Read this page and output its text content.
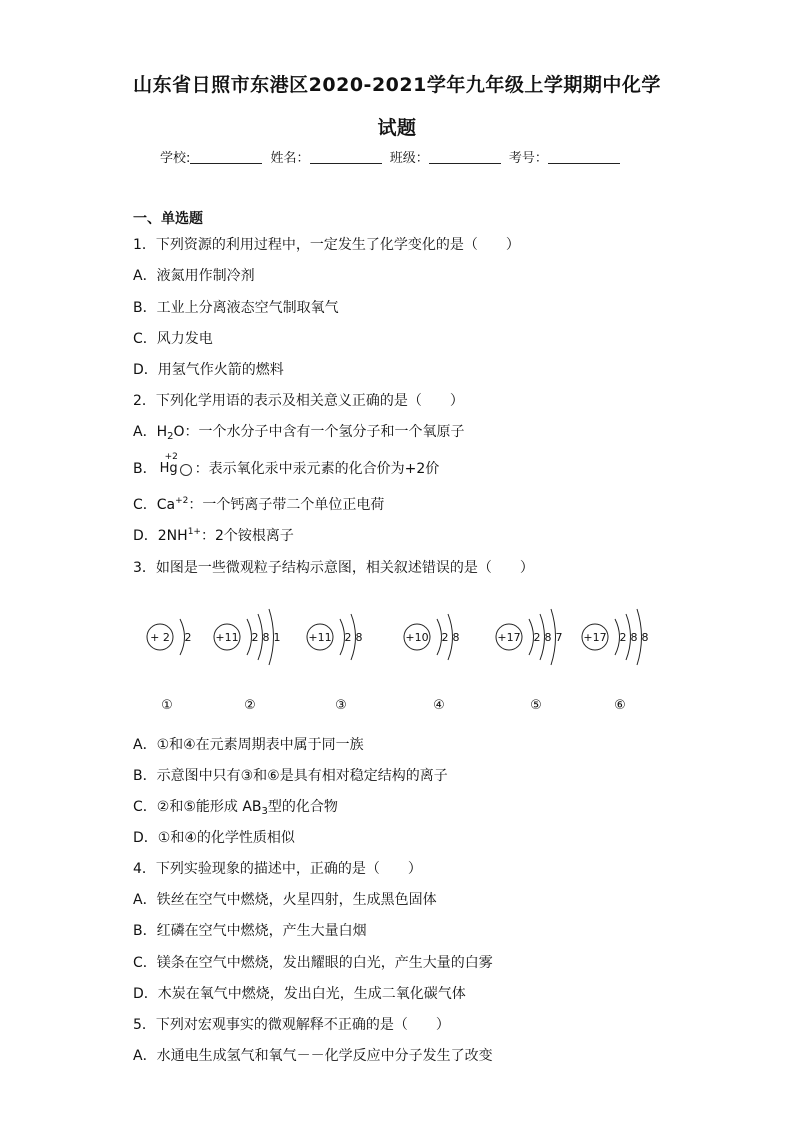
山东省日照市东港区2020-2021学年九年级上学期期中化学
试题
学校:	姓名：	班级：	考号：
一、单选题
1．下列资源的利用过程中，一定发生了化学变化的是（　　）
A．液氮用作制冷剂
B．工业上分离液态空气制取氧气
C．风力发电
D．用氢气作火箭的燃料
2．下列化学用语的表示及相关意义正确的是（　　）
A．$H_2O$：一个水分子中含有一个氢分子和一个氧原子
B．
+2
Hg ：表示氧化汞中汞元素的化合价为+2价
C．$Ca^{+2}$：一个钙离子带二个单位正电荷
D．$2NH^{1+}$：2个铵根离子
3．如图是一些微观粒子结构示意图，相关叙述错误的是（　　）
+ 2 2
①
+11 2 8 1
②
+11 2 8
③
+10 2 8
④
+17 2 8 7
⑤
+17 2 8 8
⑥
A．①和④在元素周期表中属于同一族
B．示意图中只有③和⑥是具有相对稳定结构的离子
C．②和⑤能形成 $AB_3$型的化合物
D．①和④的化学性质相似
4．下列实验现象的描述中，正确的是（　　）
A．铁丝在空气中燃烧，火星四射，生成黑色固体
B．红磷在空气中燃烧，产生大量白烟
C．镁条在空气中燃烧，发出耀眼的白光，产生大量的白雾
D．木炭在氧气中燃烧，发出白光，生成二氧化碳气体
5．下列对宏观事实的微观解释不正确的是（　　）
A．水通电生成氢气和氧气－－化学反应中分子发生了改变
